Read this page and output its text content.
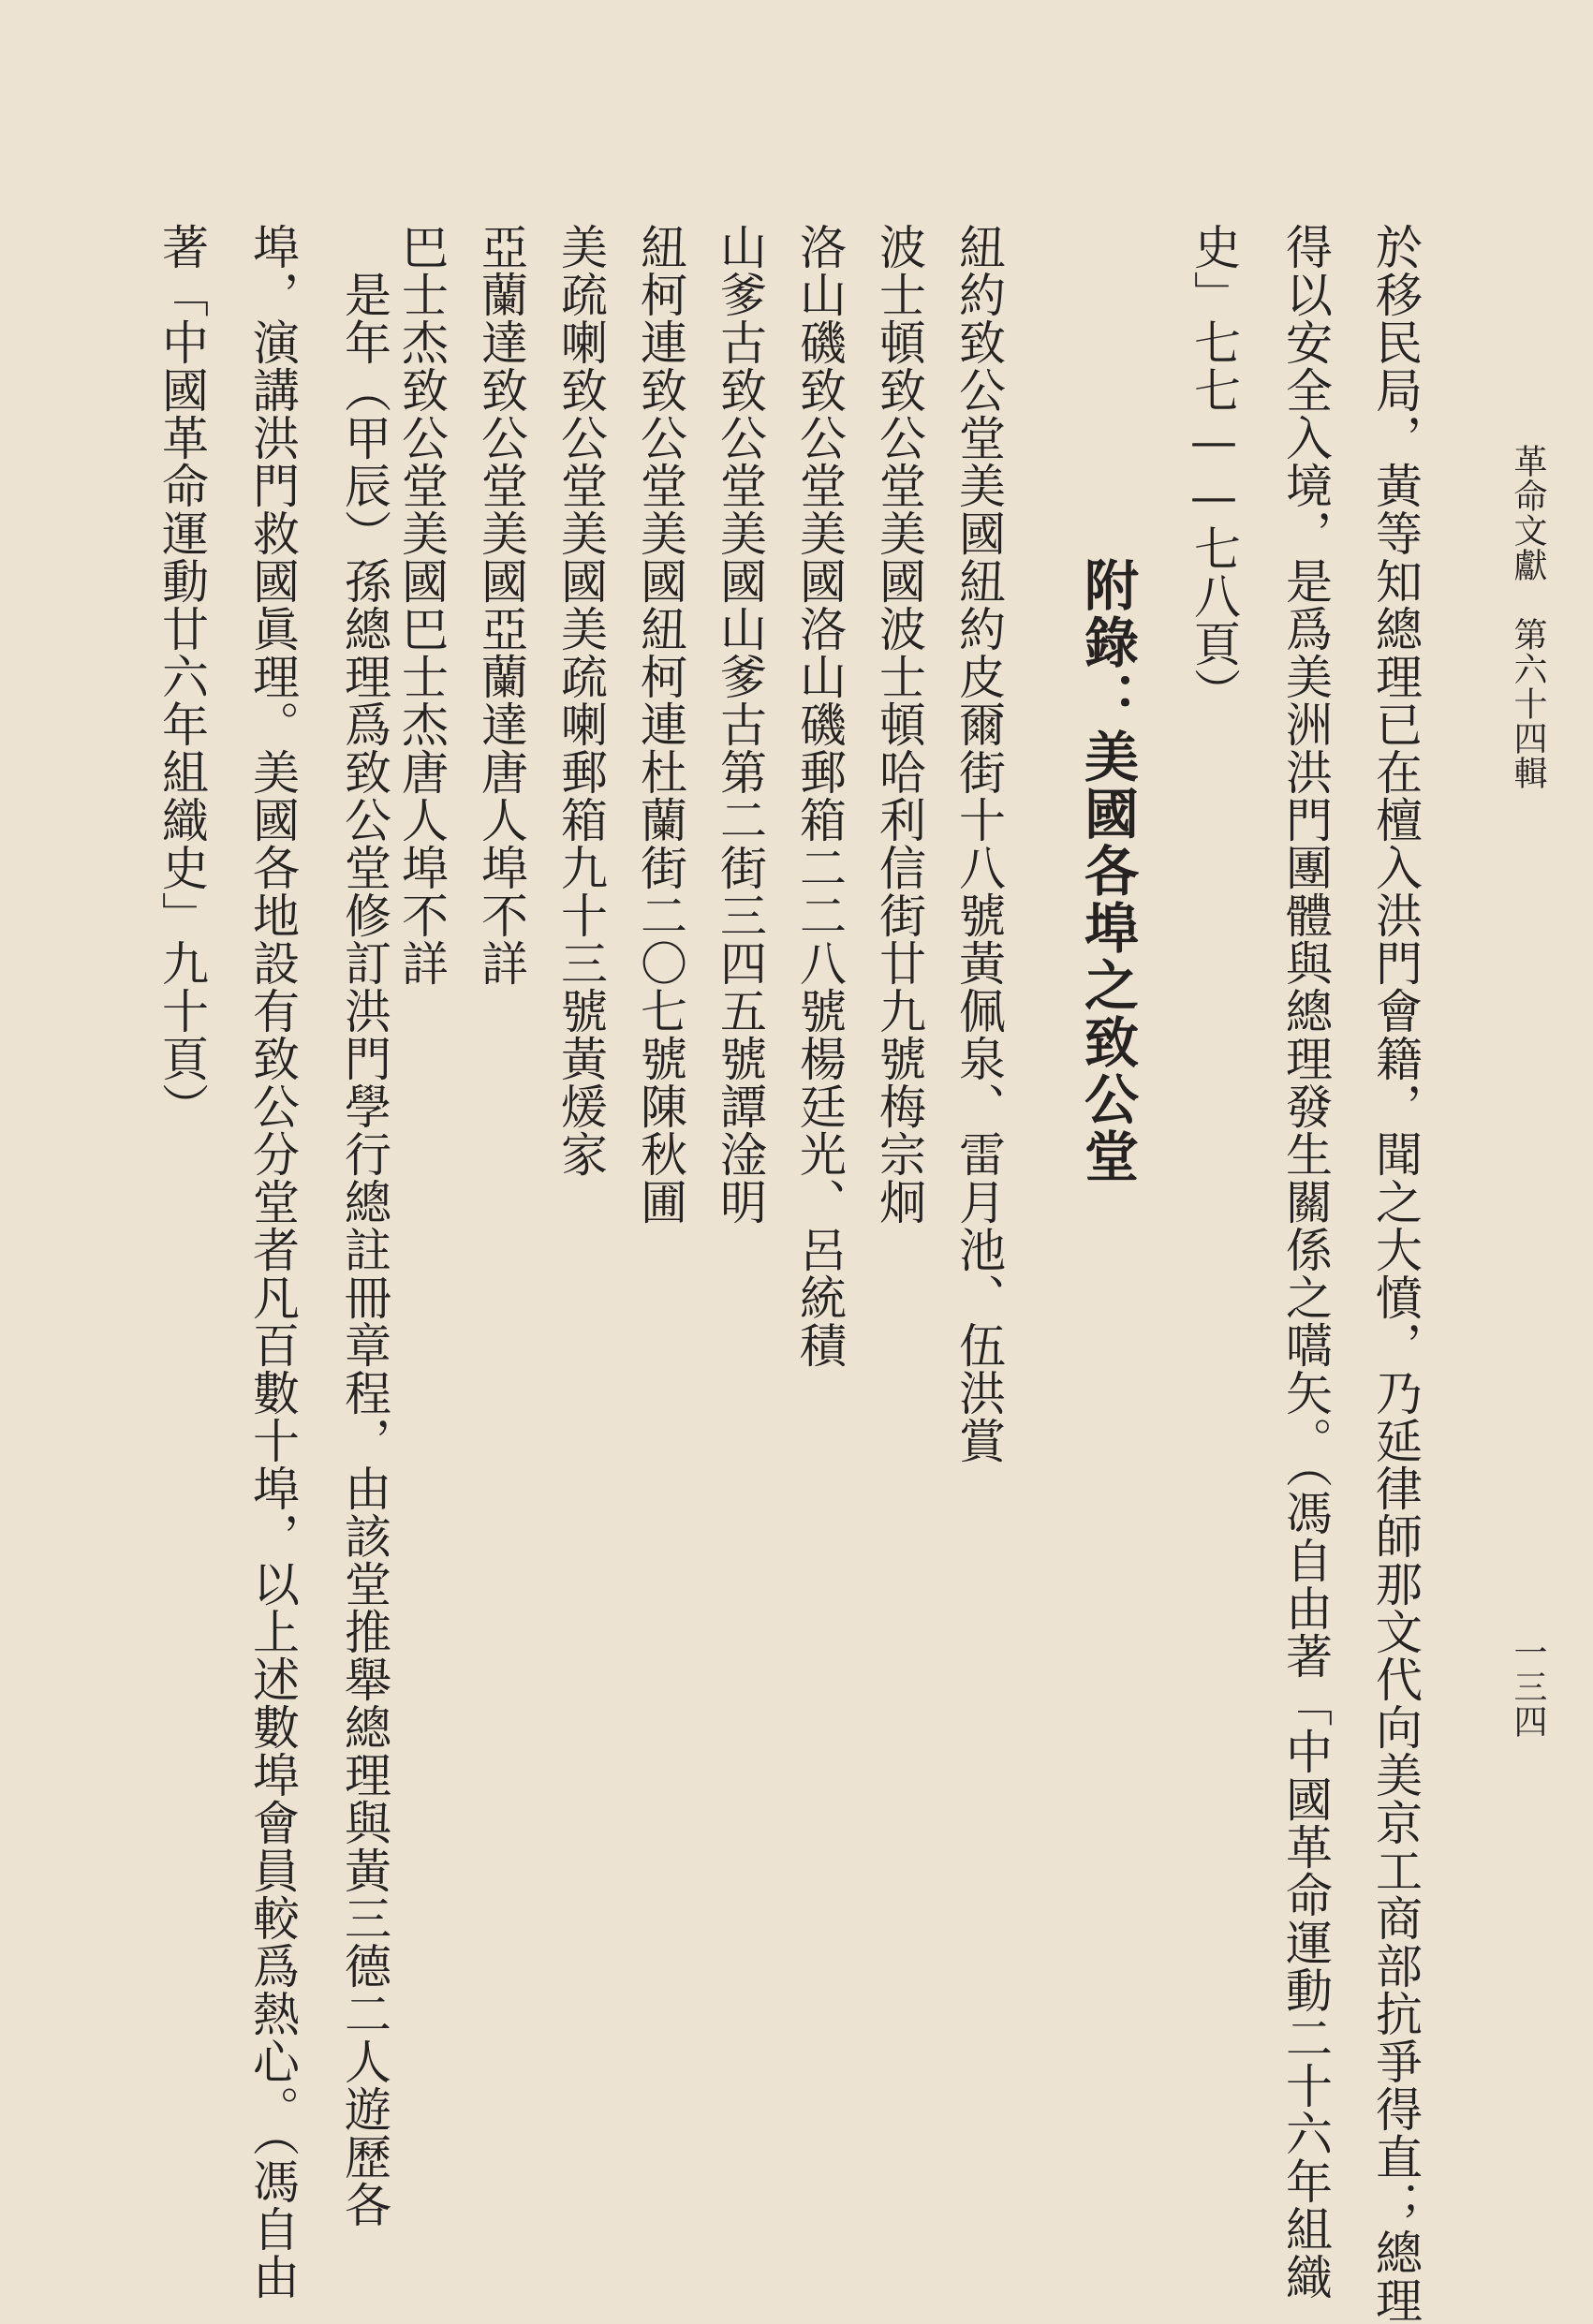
革命文獻　第六十四輯
一三四
於移民局，黃等知總理已在檀入洪門會籍，聞之大憤，乃延律師那文代向美京工商部抗爭得直；總理
得以安全入境，是爲美洲洪門團體與總理發生關係之嚆矢。（馮自由著「中國革命運動二十六年組織
史」七七——七八頁）
附錄：美國各埠之致公堂
紐約致公堂美國紐約皮爾街十八號黃佩泉、雷月池、伍洪賞
波士頓致公堂美國波士頓哈利信街廿九號梅宗炯
洛山磯致公堂美國洛山磯郵箱二二八號楊廷光、呂統積
山爹古致公堂美國山爹古第二街三四五號譚淦明
紐柯連致公堂美國紐柯連杜蘭街二〇七號陳秋圃
美疏喇致公堂美國美疏喇郵箱九十三號黃煖家
亞蘭達致公堂美國亞蘭達唐人埠不詳
巴士杰致公堂美國巴士杰唐人埠不詳
　是年（甲辰）孫總理爲致公堂修訂洪門學行總註冊章程，由該堂推舉總理與黃三德二人遊歷各
埠，演講洪門救國眞理。美國各地設有致公分堂者凡百數十埠，以上述數埠會員較爲熱心。（馮自由
著「中國革命運動廿六年組織史」九十頁）
